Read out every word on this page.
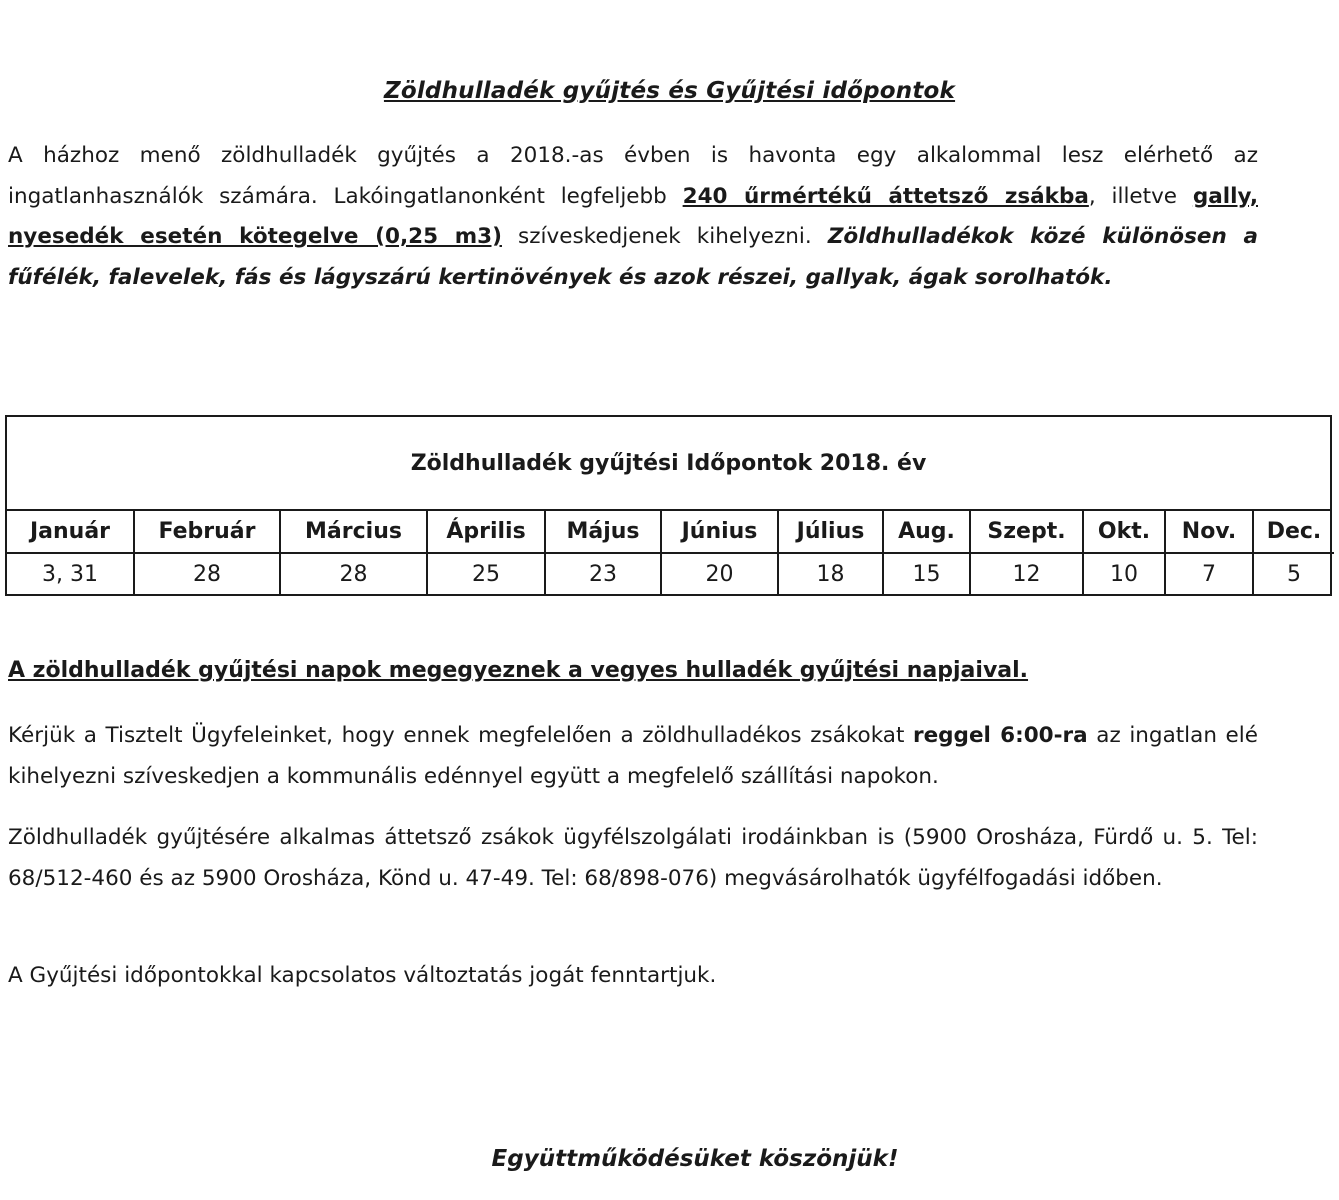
Zöldhulladék gyűjtés és Gyűjtési időpontok
A házhoz menő zöldhulladék gyűjtés a 2018.-as évben is havonta egy alkalommal lesz elérhető az ingatlanhasználók számára. Lakóingatlanonként legfeljebb 240 űrmértékű áttetsző zsákba, illetve gally, nyesedék esetén kötegelve (0,25 m3) szíveskedjenek kihelyezni. Zöldhulladékok közé különösen a fűfélék, falevelek, fás és lágyszárú kertinövények és azok részei, gallyak, ágak sorolhatók.
Zöldhulladék gyűjtési Időpontok 2018. év
Január	Február	Március	Április	Május	Június	Július	Aug.	Szept.	Okt.	Nov.	Dec.
3, 31	28	28	25	23	20	18	15	12	10	7	5
A zöldhulladék gyűjtési napok megegyeznek a vegyes hulladék gyűjtési napjaival.
Kérjük a Tisztelt Ügyfeleinket, hogy ennek megfelelően a zöldhulladékos zsákokat reggel 6:00-ra az ingatlan elé kihelyezni szíveskedjen a kommunális edénnyel együtt a megfelelő szállítási napokon.
Zöldhulladék gyűjtésére alkalmas áttetsző zsákok ügyfélszolgálati irodáinkban is (5900 Orosháza, Fürdő u. 5. Tel: 68/512-460 és az 5900 Orosháza, Könd u. 47-49. Tel: 68/898-076) megvásárolhatók ügyfélfogadási időben.
A Gyűjtési időpontokkal kapcsolatos változtatás jogát fenntartjuk.
Együttműködésüket köszönjük!
